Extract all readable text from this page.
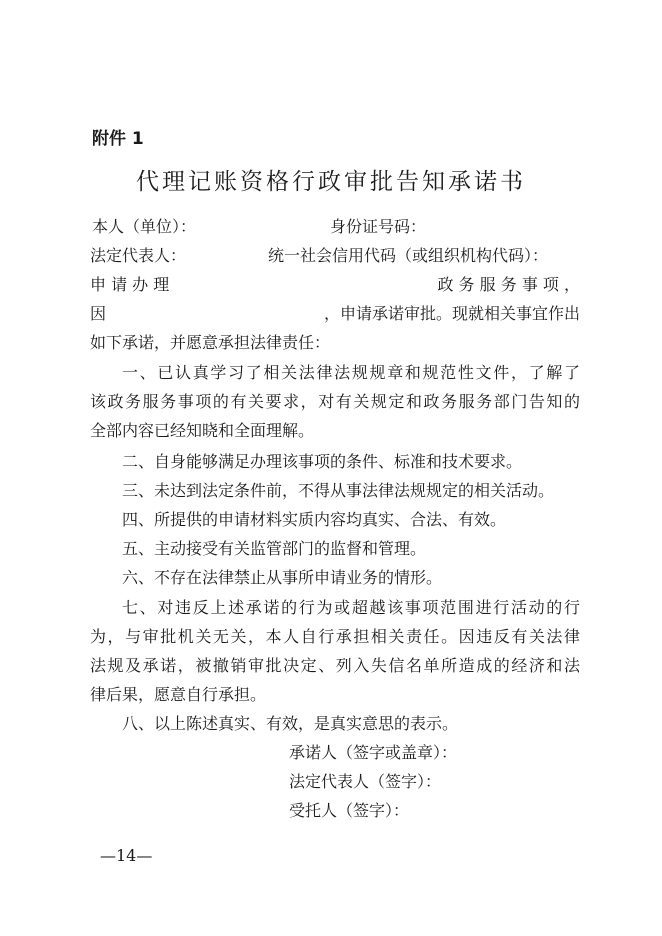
附件 1
代理记账资格行政审批告知承诺书
本人（单位）：	身份证号码：
法定代表人：	统一社会信用代码（或组织机构代码）：
申 请 办 理	政 务 服 务 事 项 ，
因	，申请承诺审批。现就相关事宜作出
如下承诺，并愿意承担法律责任：
一、已认真学习了相关法律法规规章和规范性文件，了解了
该政务服务事项的有关要求，对有关规定和政务服务部门告知的
全部内容已经知晓和全面理解。
二、自身能够满足办理该事项的条件、标准和技术要求。
三、未达到法定条件前，不得从事法律法规规定的相关活动。
四、所提供的申请材料实质内容均真实、合法、有效。
五、主动接受有关监管部门的监督和管理。
六、不存在法律禁止从事所申请业务的情形。
七、对违反上述承诺的行为或超越该事项范围进行活动的行
为，与审批机关无关，本人自行承担相关责任。因违反有关法律
法规及承诺，被撤销审批决定、列入失信名单所造成的经济和法
律后果，愿意自行承担。
八、以上陈述真实、有效，是真实意思的表示。
承诺人（签字或盖章）：
法定代表人（签字）：
受托人（签字）：
—14—
